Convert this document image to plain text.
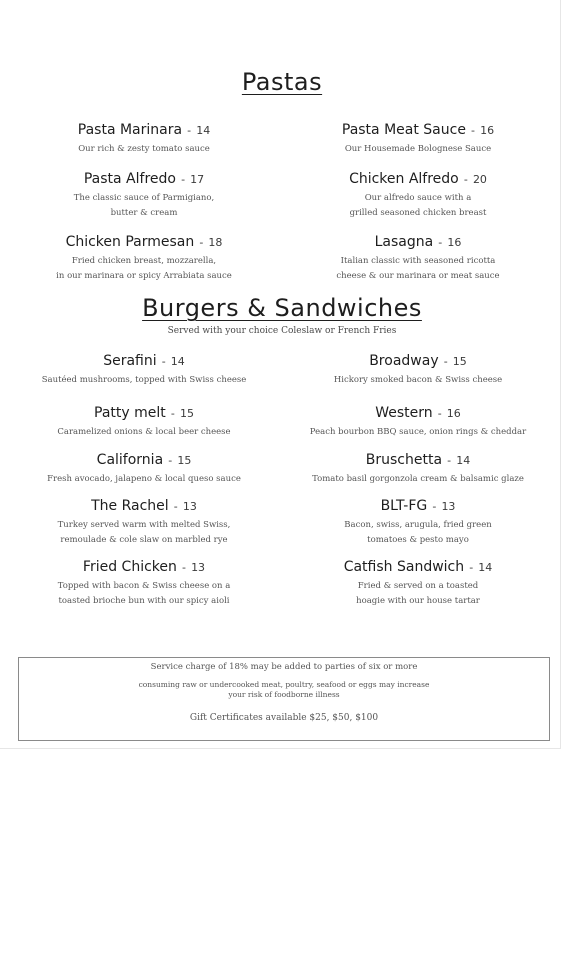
Pastas
Pasta Marinara - 14
Our rich & zesty tomato sauce
Pasta Alfredo - 17
The classic sauce of Parmigiano,
butter & cream
Chicken Parmesan - 18
Fried chicken breast, mozzarella,
in our marinara or spicy Arrabiata sauce
Pasta Meat Sauce - 16
Our Housemade Bolognese Sauce
Chicken Alfredo - 20
Our alfredo sauce with a
grilled seasoned chicken breast
Lasagna - 16
Italian classic with seasoned ricotta
cheese & our marinara or meat sauce
Burgers & Sandwiches
Served with your choice Coleslaw or French Fries
Serafini - 14
Sautéed mushrooms, topped with Swiss cheese
Patty melt - 15
Caramelized onions & local beer cheese
California - 15
Fresh avocado, jalapeno & local queso sauce
The Rachel - 13
Turkey served warm with melted Swiss,
remoulade & cole slaw on marbled rye
Fried Chicken - 13
Topped with bacon & Swiss cheese on a
toasted brioche bun with our spicy aioli
Broadway - 15
Hickory smoked bacon & Swiss cheese
Western - 16
Peach bourbon BBQ sauce, onion rings & cheddar
Bruschetta - 14
Tomato basil gorgonzola cream & balsamic glaze
BLT-FG - 13
Bacon, swiss, arugula, fried green
tomatoes & pesto mayo
Catfish Sandwich - 14
Fried & served on a toasted
hoagie with our house tartar
Service charge of 18% may be added to parties of six or more
consuming raw or undercooked meat, poultry, seafood or eggs may increase
your risk of foodborne illness
Gift Certificates available $25, $50, $100
